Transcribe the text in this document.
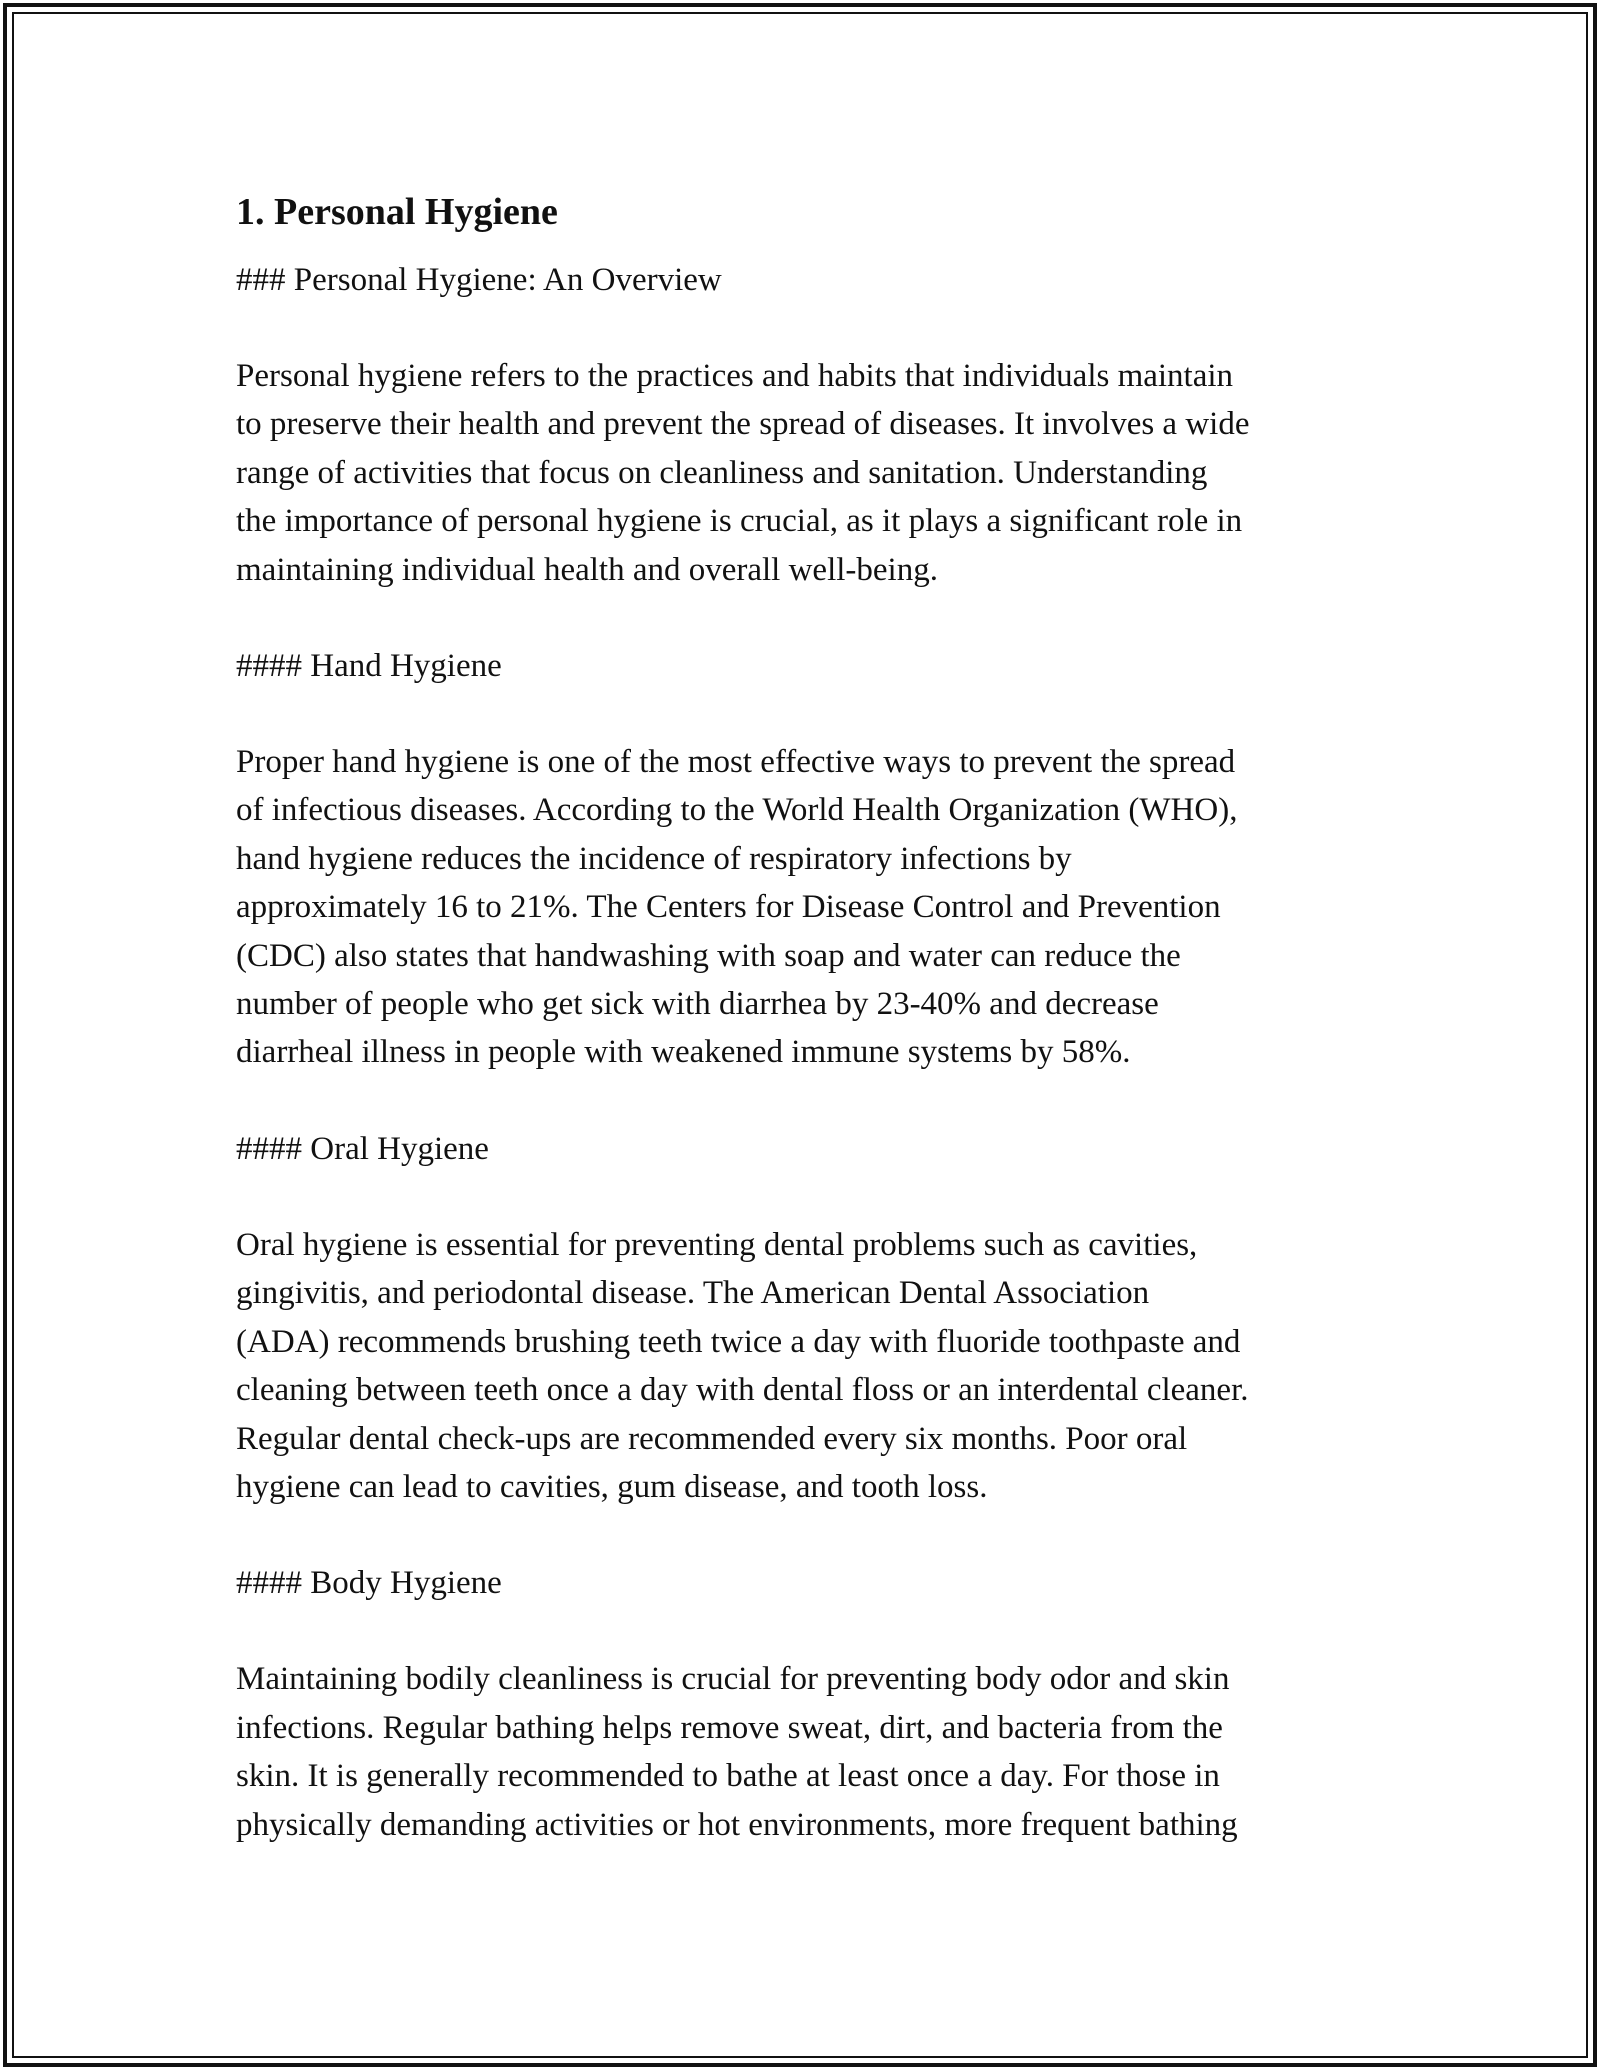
1. Personal Hygiene
### Personal Hygiene: An Overview

Personal hygiene refers to the practices and habits that individuals maintain
to preserve their health and prevent the spread of diseases. It involves a wide
range of activities that focus on cleanliness and sanitation. Understanding
the importance of personal hygiene is crucial, as it plays a significant role in
maintaining individual health and overall well-being.

#### Hand Hygiene

Proper hand hygiene is one of the most effective ways to prevent the spread
of infectious diseases. According to the World Health Organization (WHO),
hand hygiene reduces the incidence of respiratory infections by
approximately 16 to 21%. The Centers for Disease Control and Prevention
(CDC) also states that handwashing with soap and water can reduce the
number of people who get sick with diarrhea by 23-40% and decrease
diarrheal illness in people with weakened immune systems by 58%.

#### Oral Hygiene

Oral hygiene is essential for preventing dental problems such as cavities,
gingivitis, and periodontal disease. The American Dental Association
(ADA) recommends brushing teeth twice a day with fluoride toothpaste and
cleaning between teeth once a day with dental floss or an interdental cleaner.
Regular dental check-ups are recommended every six months. Poor oral
hygiene can lead to cavities, gum disease, and tooth loss.

#### Body Hygiene

Maintaining bodily cleanliness is crucial for preventing body odor and skin
infections. Regular bathing helps remove sweat, dirt, and bacteria from the
skin. It is generally recommended to bathe at least once a day. For those in
physically demanding activities or hot environments, more frequent bathing
